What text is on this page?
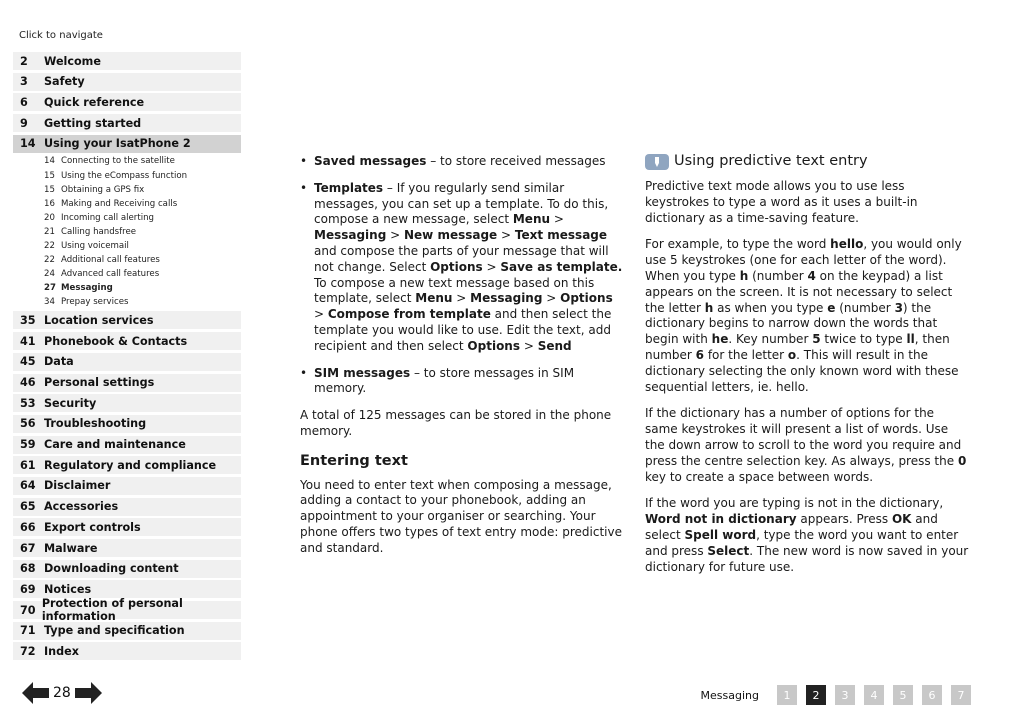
Click to navigate
2	Welcome
3	Safety
6	Quick reference
9	Getting started
14 Using your IsatPhone 2
14 Connecting to the satellite
15 Using the eCompass function
15 Obtaining a GPS fix
16 Making and Receiving calls
20 Incoming call alerting
21 Calling handsfree
22 Using voicemail
22 Additional call features
24 Advanced call features
27 Messaging
34 Prepay services
35 Location services
41 Phonebook & Contacts
45 Data
46 Personal settings
53 Security
56 Troubleshooting
59 Care and maintenance
61 Regulatory and compliance
64 Disclaimer
65 Accessories
66 Export controls
67 Malware
68 Downloading content
69 Notices
70 Protection of personal information
71 Type and specification
72 Index
28
• Saved messages – to store received messages
• Templates – If you regularly send similar messages, you can set up a template. To do this, compose a new message, select Menu > Messaging > New message > Text message and compose the parts of your message that will not change. Select Options > Save as template. To compose a new text message based on this template, select Menu > Messaging > Options > Compose from template and then select the template you would like to use. Edit the text, add recipient and then select Options > Send
• SIM messages – to store messages in SIM memory.

A total of 125 messages can be stored in the phone memory.

Entering text

You need to enter text when composing a message, adding a contact to your phonebook, adding an appointment to your organiser or searching. Your phone offers two types of text entry mode: predictive and standard.

Using predictive text entry

Predictive text mode allows you to use less keystrokes to type a word as it uses a built-in dictionary as a time-saving feature.

For example, to type the word hello, you would only use 5 keystrokes (one for each letter of the word). When you type h (number 4 on the keypad) a list appears on the screen. It is not necessary to select the letter h as when you type e (number 3) the dictionary begins to narrow down the words that begin with he. Key number 5 twice to type ll, then number 6 for the letter o. This will result in the dictionary selecting the only known word with these sequential letters, ie. hello.

If the dictionary has a number of options for the same keystrokes it will present a list of words. Use the down arrow to scroll to the word you require and press the centre selection key. As always, press the 0 key to create a space between words.

If the word you are typing is not in the dictionary, Word not in dictionary appears. Press OK and select Spell word, type the word you want to enter and press Select. The new word is now saved in your dictionary for future use.

Messaging	1	2	3	4	5	6	7
